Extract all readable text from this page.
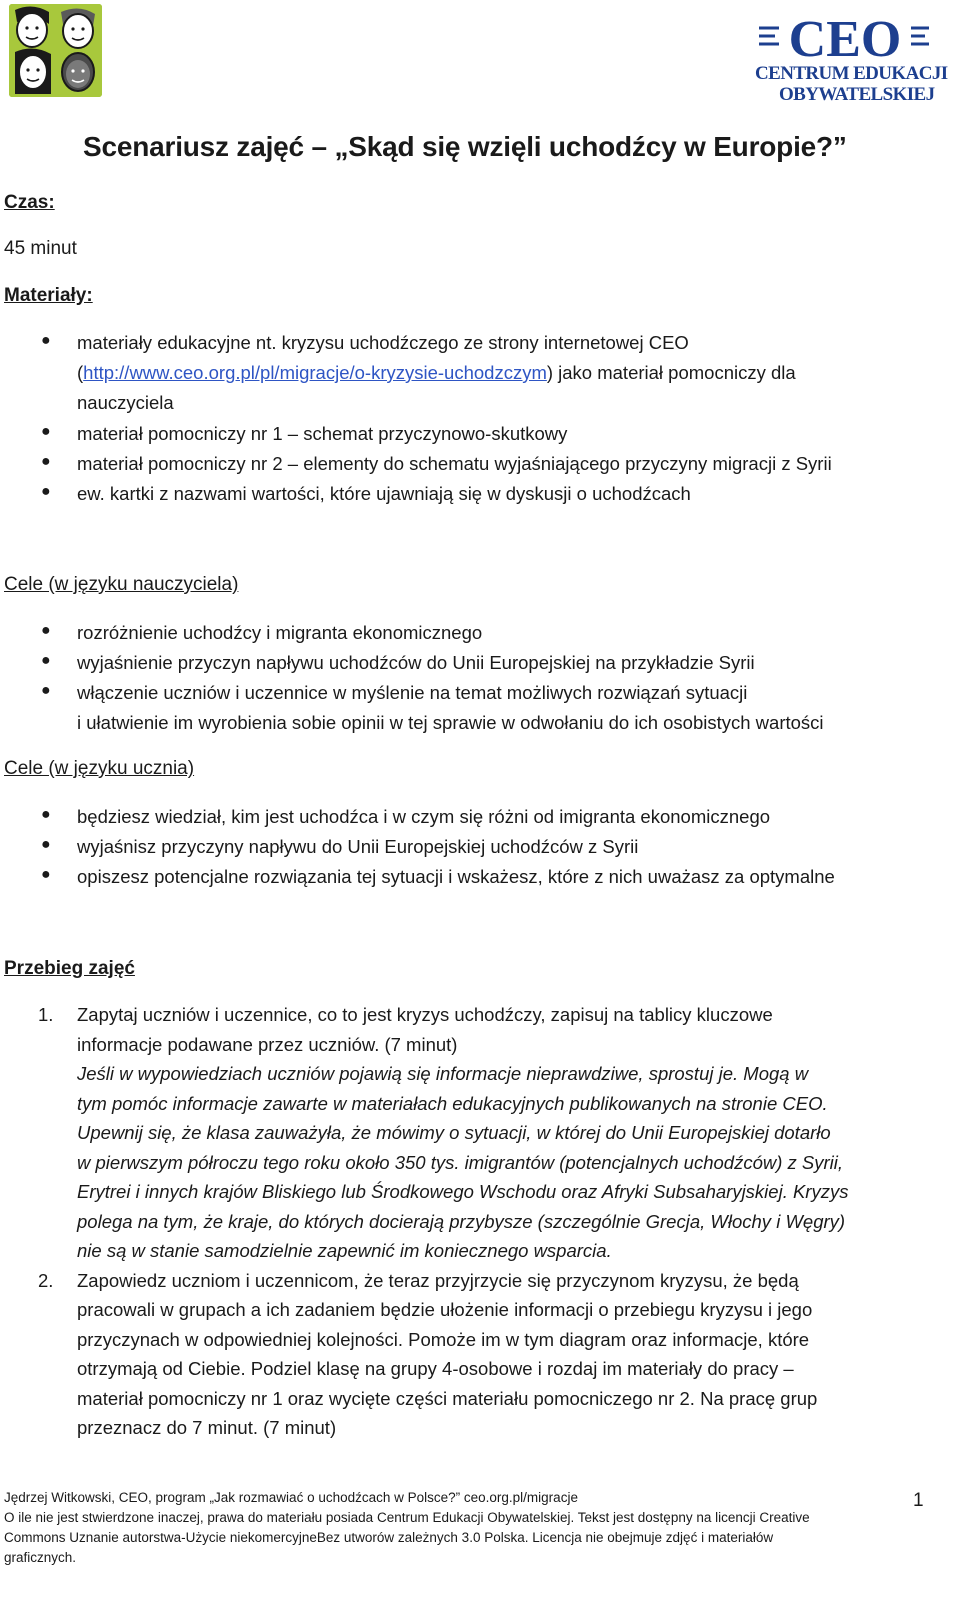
CEO
CENTRUM EDUKACJI
OBYWATELSKIEJ
Scenariusz zajęć – „Skąd się wzięli uchodźcy w Europie?”
Czas:
45 minut
Materiały:
● materiały edukacyjne nt. kryzysu uchodźczego ze strony internetowej CEO
(http://www.ceo.org.pl/pl/migracje/o-kryzysie-uchodzczym) jako materiał pomocniczy dla
nauczyciela
● materiał pomocniczy nr 1 – schemat przyczynowo-skutkowy
● materiał pomocniczy nr 2 – elementy do schematu wyjaśniającego przyczyny migracji z Syrii
● ew. kartki z nazwami wartości, które ujawniają się w dyskusji o uchodźcach
Cele (w języku nauczyciela)
● rozróżnienie uchodźcy i migranta ekonomicznego
● wyjaśnienie przyczyn napływu uchodźców do Unii Europejskiej na przykładzie Syrii
● włączenie uczniów i uczennice w myślenie na temat możliwych rozwiązań sytuacji
i ułatwienie im wyrobienia sobie opinii w tej sprawie w odwołaniu do ich osobistych wartości
Cele (w języku ucznia)
● będziesz wiedział, kim jest uchodźca i w czym się różni od imigranta ekonomicznego
● wyjaśnisz przyczyny napływu do Unii Europejskiej uchodźców z Syrii
● opiszesz potencjalne rozwiązania tej sytuacji i wskażesz, które z nich uważasz za optymalne
Przebieg zajęć
1. Zapytaj uczniów i uczennice, co to jest kryzys uchodźczy, zapisuj na tablicy kluczowe
informacje podawane przez uczniów. (7 minut)
Jeśli w wypowiedziach uczniów pojawią się informacje nieprawdziwe, sprostuj je. Mogą w
tym pomóc informacje zawarte w materiałach edukacyjnych publikowanych na stronie CEO.
Upewnij się, że klasa zauważyła, że mówimy o sytuacji, w której do Unii Europejskiej dotarło
w pierwszym półroczu tego roku około 350 tys. imigrantów (potencjalnych uchodźców) z Syrii,
Erytrei i innych krajów Bliskiego lub Środkowego Wschodu oraz Afryki Subsaharyjskiej. Kryzys
polega na tym, że kraje, do których docierają przybysze (szczególnie Grecja, Włochy i Węgry)
nie są w stanie samodzielnie zapewnić im koniecznego wsparcia.
2. Zapowiedz uczniom i uczennicom, że teraz przyjrzycie się przyczynom kryzysu, że będą
pracowali w grupach a ich zadaniem będzie ułożenie informacji o przebiegu kryzysu i jego
przyczynach w odpowiedniej kolejności. Pomoże im w tym diagram oraz informacje, które
otrzymają od Ciebie. Podziel klasę na grupy 4-osobowe i rozdaj im materiały do pracy –
materiał pomocniczy nr 1 oraz wycięte części materiału pomocniczego nr 2. Na pracę grup
przeznacz do 7 minut. (7 minut)
Jędrzej Witkowski, CEO, program „Jak rozmawiać o uchodźcach w Polsce?” ceo.org.pl/migracje
O ile nie jest stwierdzone inaczej, prawa do materiału posiada Centrum Edukacji Obywatelskiej. Tekst jest dostępny na licencji Creative
Commons Uznanie autorstwa-Użycie niekomercyjneBez utworów zależnych 3.0 Polska. Licencja nie obejmuje zdjęć i materiałów
graficznych.
1
